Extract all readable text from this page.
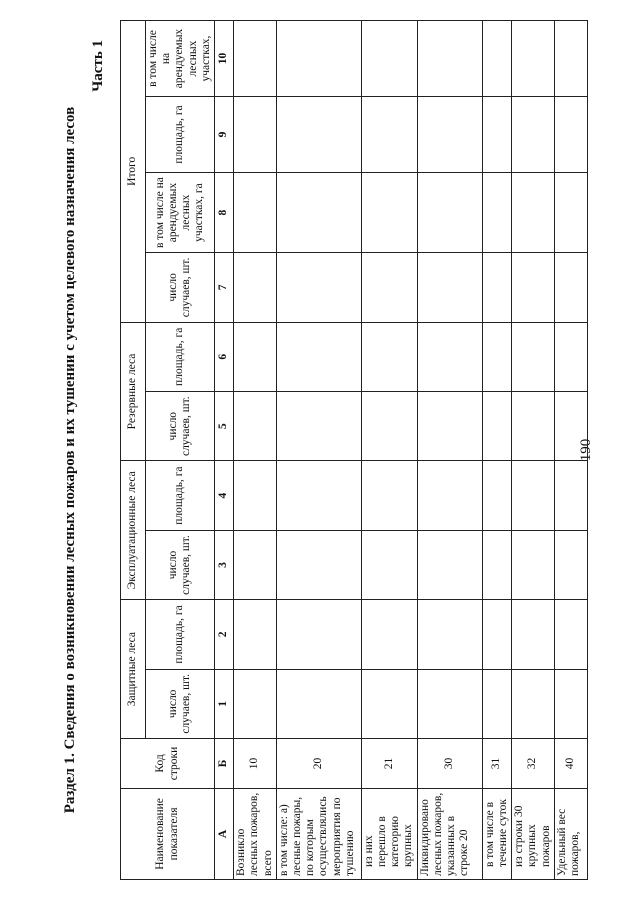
190
Раздел 1. Сведения о возникновении лесных пожаров и их тушении с учетом целевого назначения лесов
Часть 1
Наименование показателя	Код строки	Защитные леса		Эксплуатационные леса		Резервные леса		Итого			
		число случаев, шт.	площадь, га	число случаев, шт.	площадь, га	число случаев, шт.	площадь, га	число случаев, шт.	в том числе на арендуемых лесных участках, га	площадь, га	в том числе на арендуемых лесных участках,
А	Б	1	2	3	4	5	6	7	8	9	10
Возникло лесных пожаров, всего	10										
в том числе: а) лесные пожары, по которым осуществлялись мероприятия по тушению	20										
из них перешло в категорию крупных	21										
Ликвидировано лесных пожаров, указанных в строке 20	30										
в том числе в течение суток	31										
из строки 30 крупных пожаров	32										
Удельный вес пожаров,	40										
